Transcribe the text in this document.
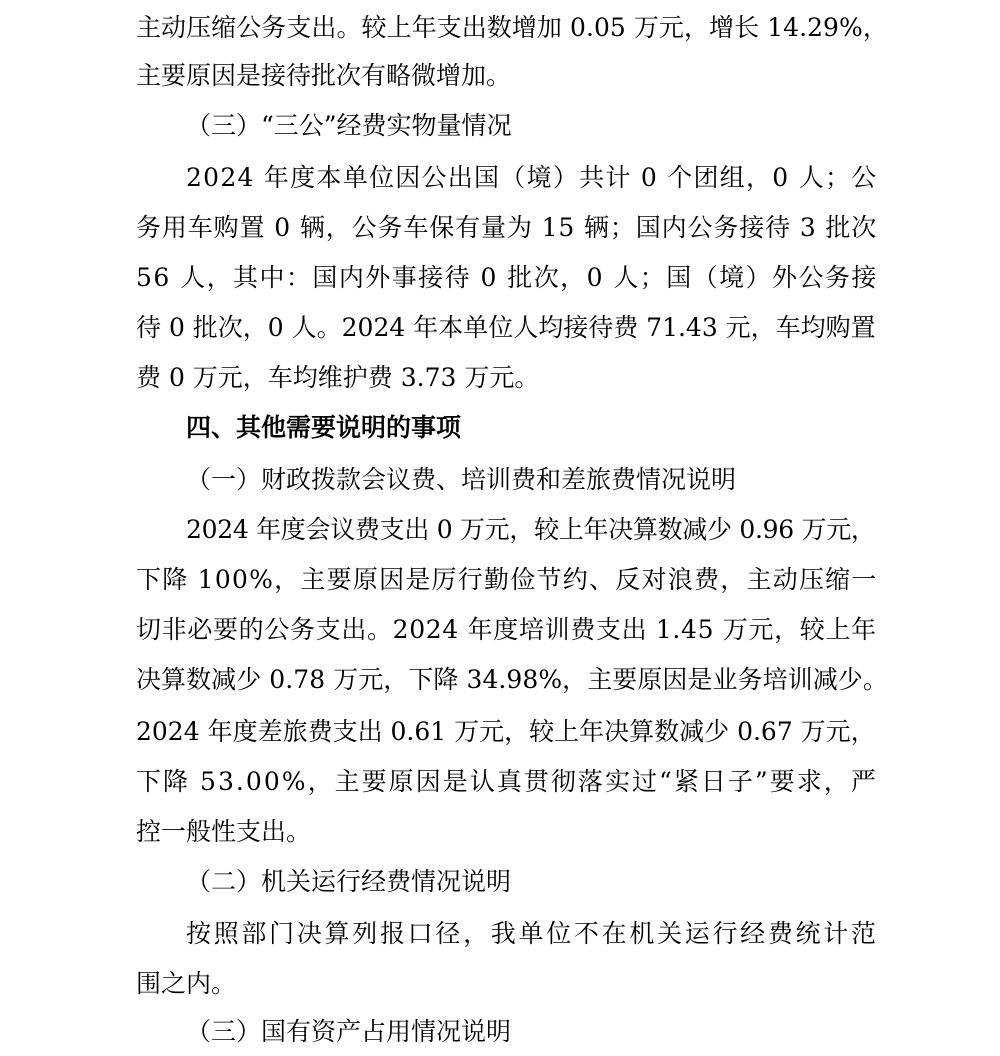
主动压缩公务支出。较上年支出数增加 0.05 万元，增长 14.29%，
主要原因是接待批次有略微增加。
（三）“三公”经费实物量情况
2024 年度本单位因公出国（境）共计 0 个团组，0 人；公
务用车购置 0 辆，公务车保有量为 15 辆；国内公务接待 3 批次
56 人，其中：国内外事接待 0 批次，0 人；国（境）外公务接
待 0 批次，0 人。2024 年本单位人均接待费 71.43 元，车均购置
费 0 万元，车均维护费 3.73 万元。
四、其他需要说明的事项
（一）财政拨款会议费、培训费和差旅费情况说明
2024 年度会议费支出 0 万元，较上年决算数减少 0.96 万元，
下降 100%，主要原因是厉行勤俭节约、反对浪费，主动压缩一
切非必要的公务支出。2024 年度培训费支出 1.45 万元，较上年
决算数减少 0.78 万元，下降 34.98%，主要原因是业务培训减少。
2024 年度差旅费支出 0.61 万元，较上年决算数减少 0.67 万元，
下降 53.00%，主要原因是认真贯彻落实过“紧日子”要求，严
控一般性支出。
（二）机关运行经费情况说明
按照部门决算列报口径，我单位不在机关运行经费统计范
围之内。
（三）国有资产占用情况说明
